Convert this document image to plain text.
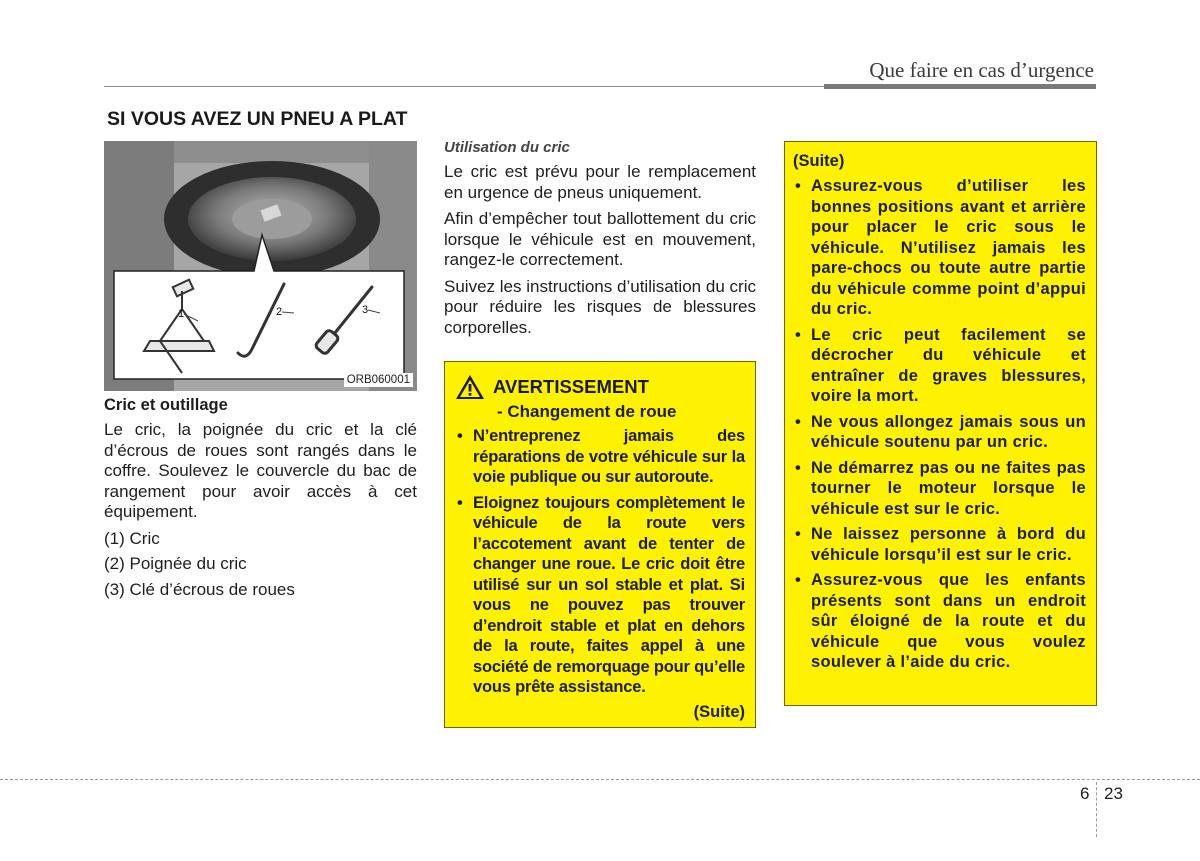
Que faire en cas d’urgence
SI VOUS AVEZ UN PNEU A PLAT
1	2	3
ORB060001
Cric et outillage

Le cric, la poignée du cric et la clé d’écrous de roues sont rangés dans le coffre. Soulevez le couvercle du bac de rangement pour avoir accès à cet équipement.

(1) Cric
(2) Poignée du cric
(3) Clé d’écrous de roues
Utilisation du cric

Le cric est prévu pour le remplacement en urgence de pneus uniquement.

Afin d’empêcher tout ballottement du cric lorsque le véhicule est en mouvement, rangez-le correctement.

Suivez les instructions d’utilisation du cric pour réduire les risques de blessures corporelles.

AVERTISSEMENT
- Changement de roue
• N’entreprenez jamais des réparations de votre véhicule sur la voie publique ou sur autoroute.
• Eloignez toujours complètement le véhicule de la route vers l’accotement avant de tenter de changer une roue. Le cric doit être utilisé sur un sol stable et plat. Si vous ne pouvez pas trouver d’endroit stable et plat en dehors de la route, faites appel à une société de remorquage pour qu’elle vous prête assistance.
(Suite)
(Suite)
• Assurez-vous d’utiliser les bonnes positions avant et arrière pour placer le cric sous le véhicule. N’utilisez jamais les pare-chocs ou toute autre partie du véhicule comme point d’appui du cric.
• Le cric peut facilement se décrocher du véhicule et entraîner de graves blessures, voire la mort.
• Ne vous allongez jamais sous un véhicule soutenu par un cric.
• Ne démarrez pas ou ne faites pas tourner le moteur lorsque le véhicule est sur le cric.
• Ne laissez personne à bord du véhicule lorsqu’il est sur le cric.
• Assurez-vous que les enfants présents sont dans un endroit sûr éloigné de la route et du véhicule que vous voulez soulever à l’aide du cric.
6 23
